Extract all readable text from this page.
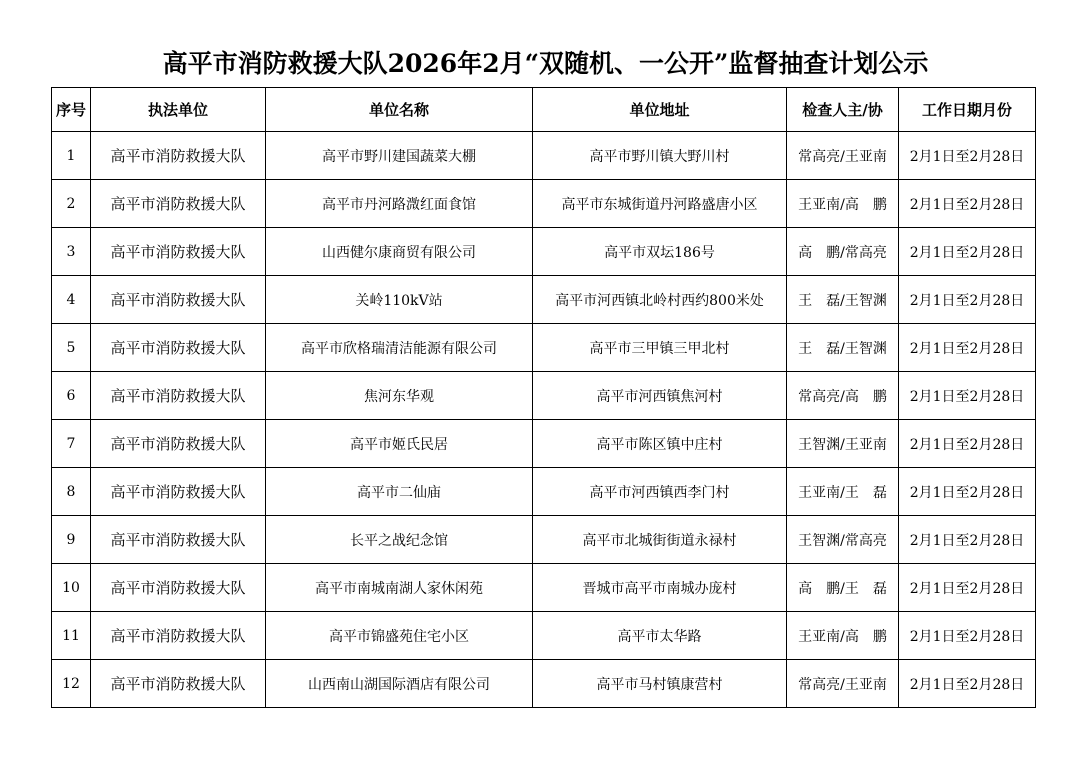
高平市消防救援大队2026年2月“双随机、一公开”监督抽查计划公示
序号	执法单位	单位名称	单位地址	检查人主/协	工作日期月份
1	高平市消防救援大队	高平市野川建国蔬菜大棚	高平市野川镇大野川村	常高亮/王亚南	2月1日至2月28日
2	高平市消防救援大队	高平市丹河路溦红面食馆	高平市东城街道丹河路盛唐小区	王亚南/高　鹏	2月1日至2月28日
3	高平市消防救援大队	山西健尔康商贸有限公司	高平市双坛186号	高　鹏/常高亮	2月1日至2月28日
4	高平市消防救援大队	关岭110kV站	高平市河西镇北岭村西约800米处	王　磊/王智渊	2月1日至2月28日
5	高平市消防救援大队	高平市欣格瑞清洁能源有限公司	高平市三甲镇三甲北村	王　磊/王智渊	2月1日至2月28日
6	高平市消防救援大队	焦河东华观	高平市河西镇焦河村	常高亮/高　鹏	2月1日至2月28日
7	高平市消防救援大队	高平市姬氏民居	高平市陈区镇中庄村	王智渊/王亚南	2月1日至2月28日
8	高平市消防救援大队	高平市二仙庙	高平市河西镇西李门村	王亚南/王　磊	2月1日至2月28日
9	高平市消防救援大队	长平之战纪念馆	高平市北城街街道永禄村	王智渊/常高亮	2月1日至2月28日
10	高平市消防救援大队	高平市南城南湖人家休闲苑	晋城市高平市南城办庞村	高　鹏/王　磊	2月1日至2月28日
11	高平市消防救援大队	高平市锦盛苑住宅小区	高平市太华路	王亚南/高　鹏	2月1日至2月28日
12	高平市消防救援大队	山西南山湖国际酒店有限公司	高平市马村镇康营村	常高亮/王亚南	2月1日至2月28日
